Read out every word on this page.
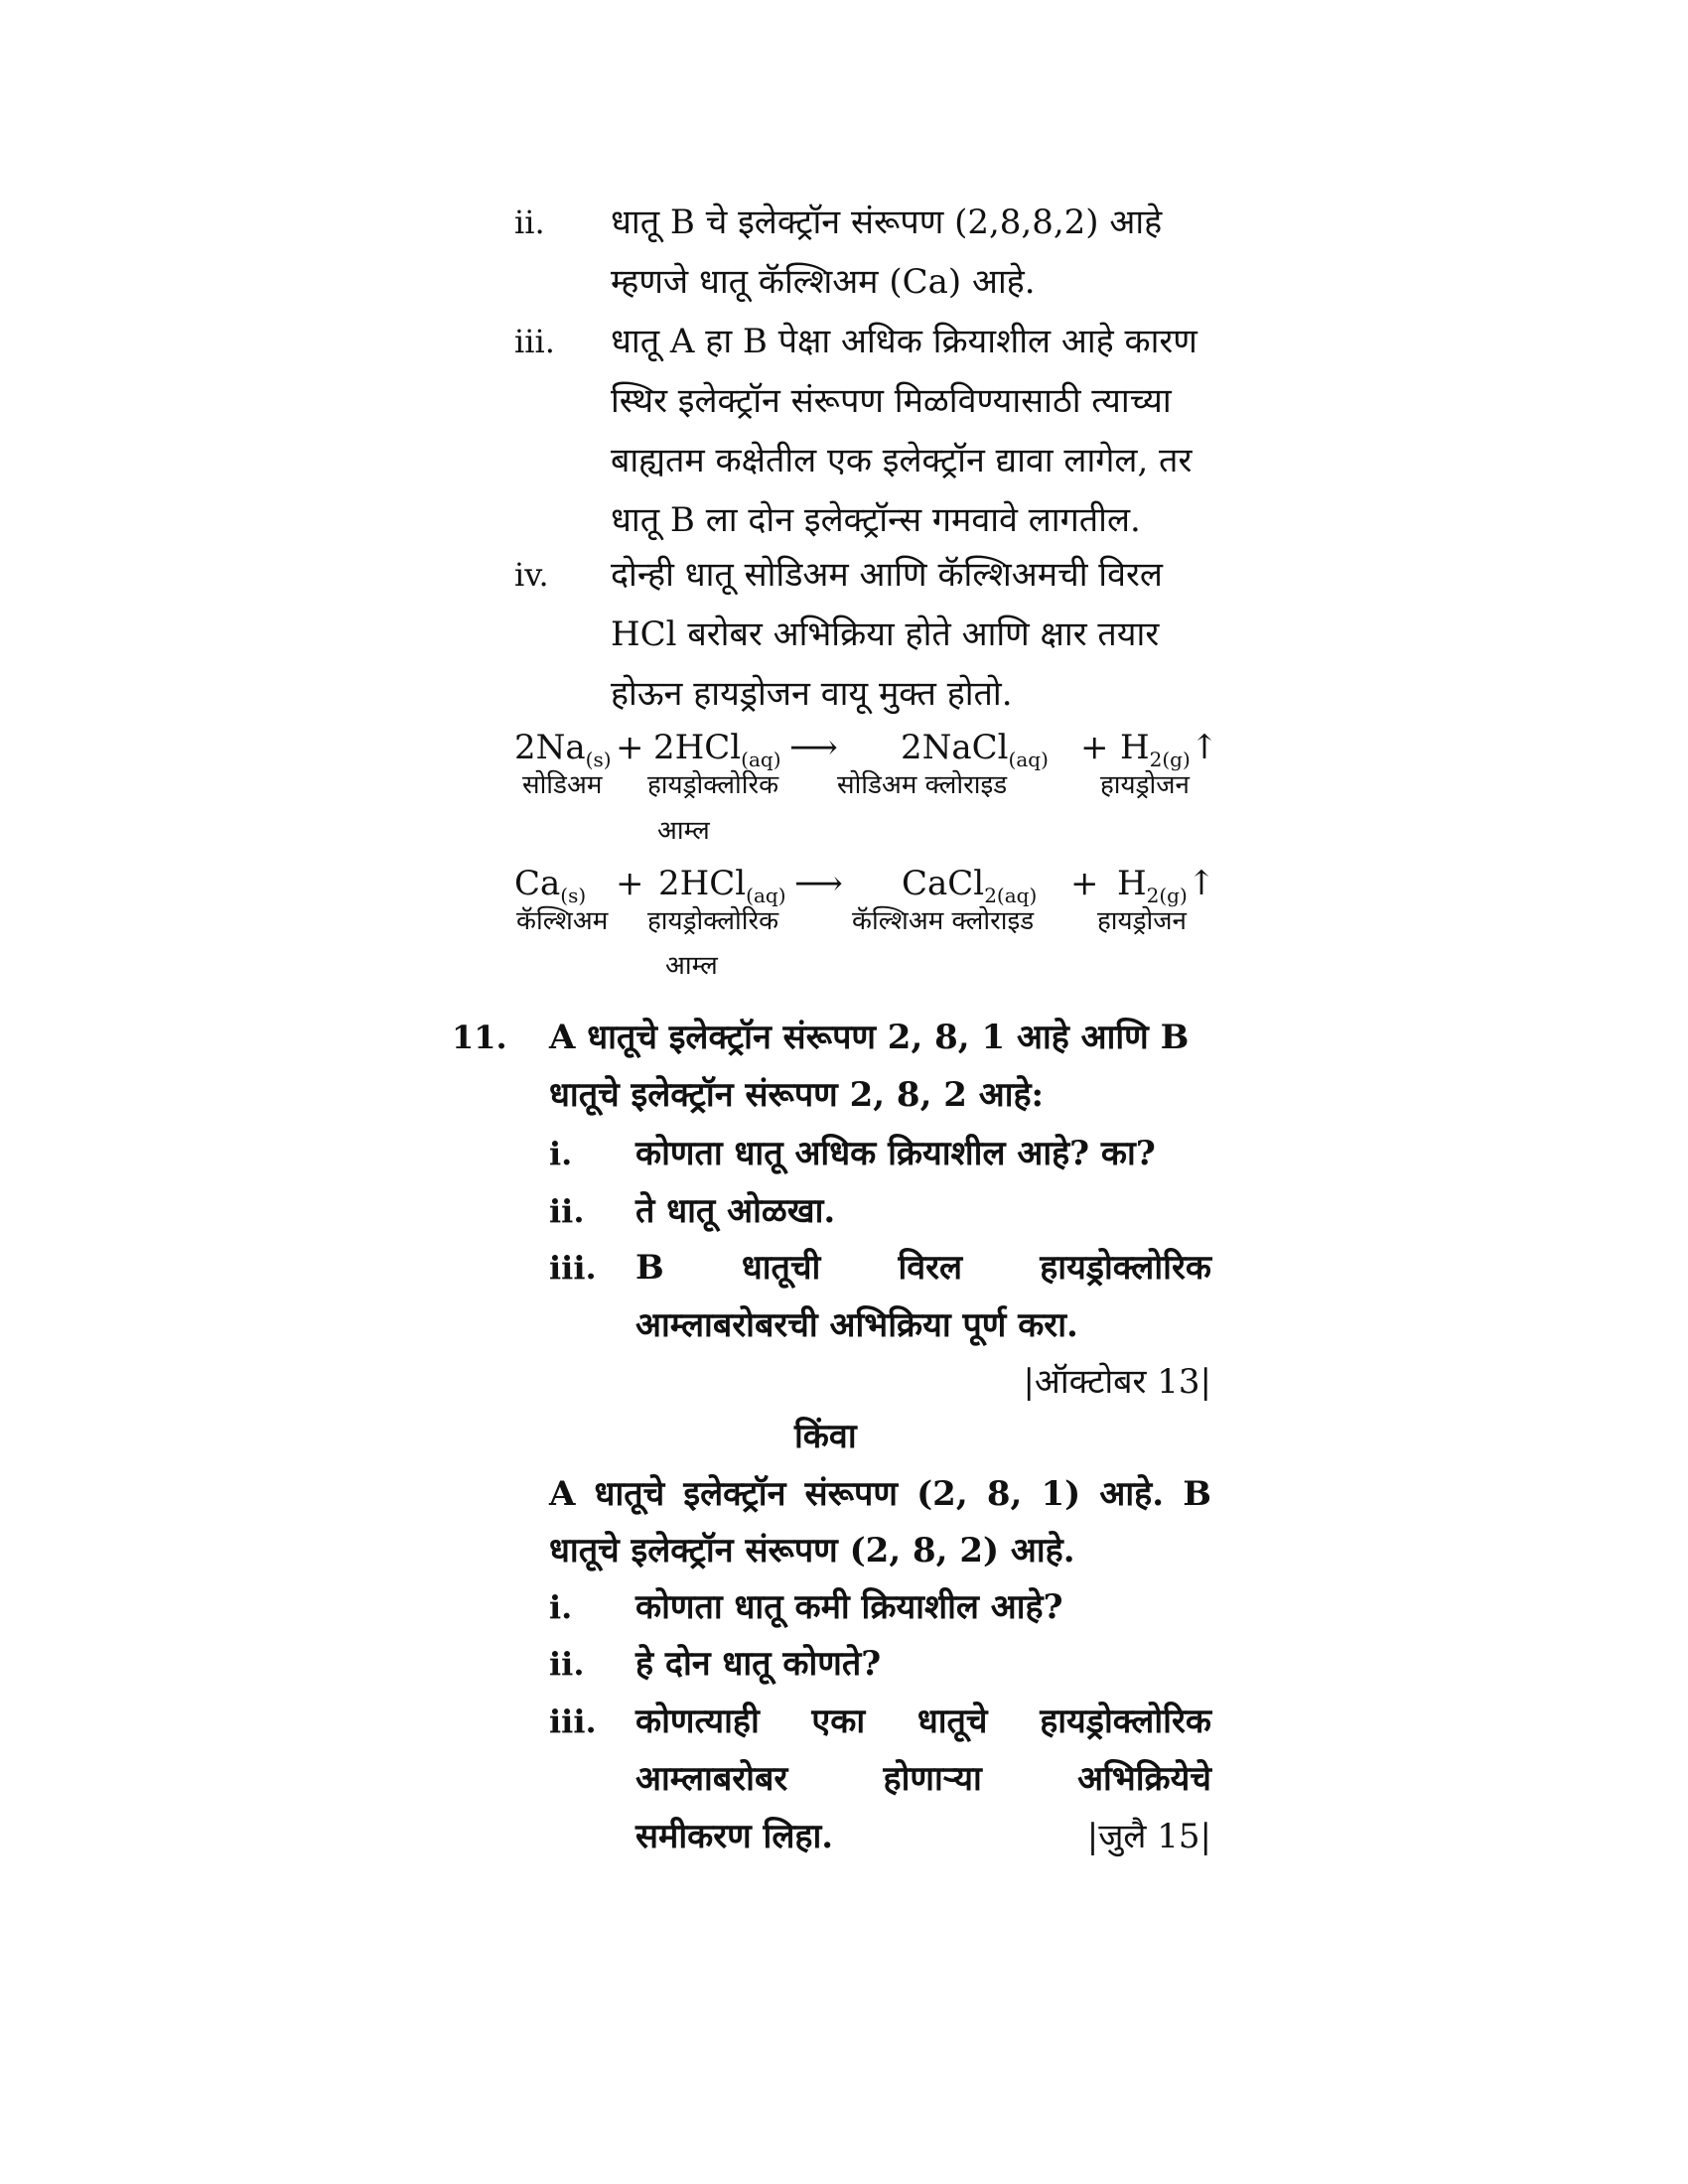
ii. धातू B चे इलेक्ट्रॉन संरूपण (2,8,8,2) आहे
म्हणजे धातू कॅल्शिअम (Ca) आहे.
iii. धातू A हा B पेक्षा अधिक क्रियाशील आहे कारण
स्थिर इलेक्ट्रॉन संरूपण मिळविण्यासाठी त्याच्या
बाह्यतम कक्षेतील एक इलेक्ट्रॉन द्यावा लागेल, तर
धातू B ला दोन इलेक्ट्रॉन्स गमवावे लागतील.
iv. दोन्ही धातू सोडिअम आणि कॅल्शिअमची विरल
HCl बरोबर अभिक्रिया होते आणि क्षार तयार
होऊन हायड्रोजन वायू मुक्त होतो.
$2Na_{(s)} + 2HCl_{(aq)}$ ⟶ 2NaCl$_{(aq)}$ + $H_{2(g)}↑$
सोडिअम हायड्रोक्लोरिक सोडिअम क्लोराइड	हायड्रोजन
आम्ल
$Ca_{(s)} + 2HCl_{(aq)}$ ⟶ CaCl$_{2(aq)}$ + $H_{2(g)}↑$
कॅल्शिअम हायड्रोक्लोरिक	कॅल्शिअम क्लोराइड हायड्रोजन
आम्ल
11. A धातूचे इलेक्ट्रॉन संरूपण 2, 8, 1 आहे आणि B
धातूचे इलेक्ट्रॉन संरूपण 2, 8, 2 आहे:
i. कोणता धातू अधिक क्रियाशील आहे? का?
ii. ते धातू ओळखा.
iii. B धातूची विरल हायड्रोक्लोरिक
आम्लाबरोबरची अभिक्रिया पूर्ण करा.
|ऑक्टोबर 13|
किंवा
A धातूचे इलेक्ट्रॉन संरूपण (2, 8, 1) आहे. B
धातूचे इलेक्ट्रॉन संरूपण (2, 8, 2) आहे.
i. कोणता धातू कमी क्रियाशील आहे?
ii. हे दोन धातू कोणते?
iii. कोणत्याही एका धातूचे हायड्रोक्लोरिक
आम्लाबरोबर	होणाऱ्या	अभिक्रियेचे
समीकरण लिहा.	|जुलै 15|
